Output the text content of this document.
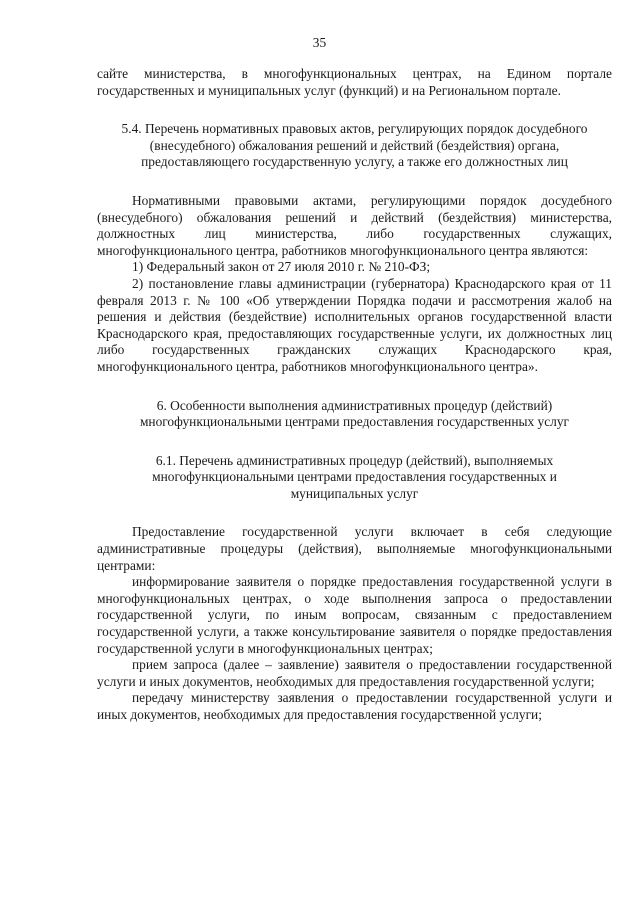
35

сайте министерства, в многофункциональных центрах, на Едином портале государственных и муниципальных услуг (функций) и на Региональном портале.

5.4. Перечень нормативных правовых актов, регулирующих порядок досудебного (внесудебного) обжалования решений и действий (бездействия) органа, предоставляющего государственную услугу, а также его должностных лиц

Нормативными правовыми актами, регулирующими порядок досудебного (внесудебного) обжалования решений и действий (бездействия) министерства, должностных лиц министерства, либо государственных служащих, многофункционального центра, работников многофункционального центра являются:

1) Федеральный закон от 27 июля 2010 г. № 210-ФЗ;

2) постановление главы администрации (губернатора) Краснодарского края от 11 февраля 2013 г. № 100 «Об утверждении Порядка подачи и рассмотрения жалоб на решения и действия (бездействие) исполнительных органов государственной власти Краснодарского края, предоставляющих государственные услуги, их должностных лиц либо государственных гражданских служащих Краснодарского края, многофункционального центра, работников многофункционального центра».

6. Особенности выполнения административных процедур (действий) многофункциональными центрами предоставления государственных услуг

6.1. Перечень административных процедур (действий), выполняемых многофункциональными центрами предоставления государственных и муниципальных услуг

Предоставление государственной услуги включает в себя следующие административные процедуры (действия), выполняемые многофункциональными центрами:

информирование заявителя о порядке предоставления государственной услуги в многофункциональных центрах, о ходе выполнения запроса о предоставлении государственной услуги, по иным вопросам, связанным с предоставлением государственной услуги, а также консультирование заявителя о порядке предоставления государственной услуги в многофункциональных центрах;

прием запроса (далее – заявление) заявителя о предоставлении государственной услуги и иных документов, необходимых для предоставления государственной услуги;

передачу министерству заявления о предоставлении государственной услуги и иных документов, необходимых для предоставления государственной услуги;
